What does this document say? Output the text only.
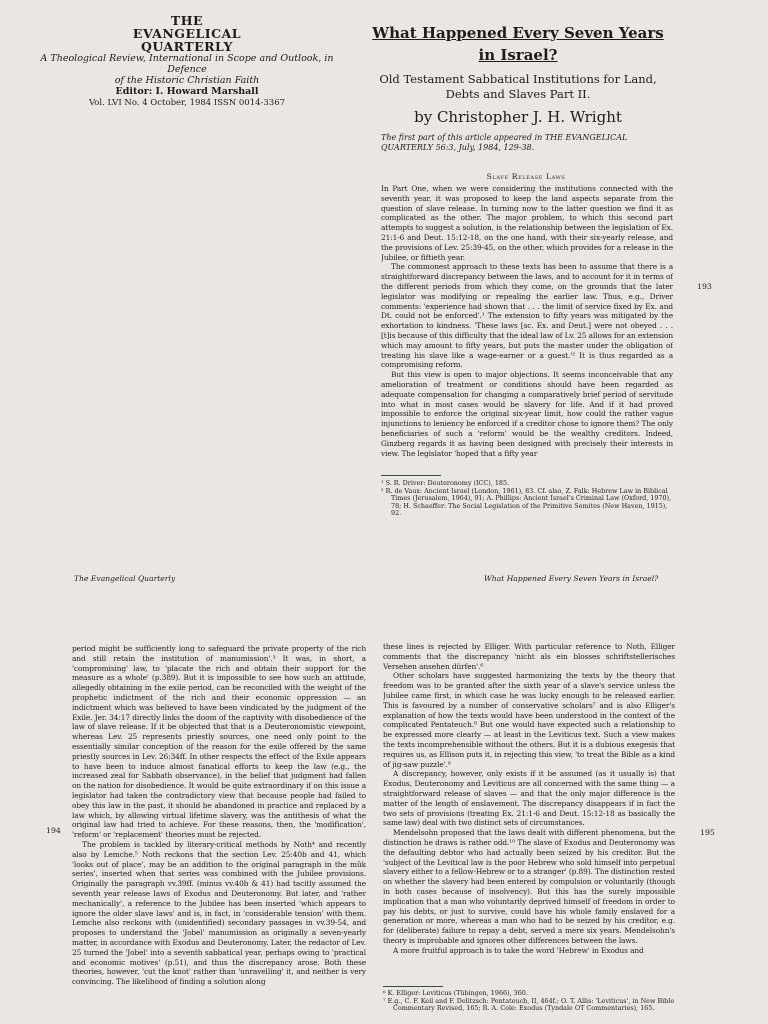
THE
EVANGELICAL
QUARTERLY
A Theological Review, International in Scope and Outlook, in Defence
of the Historic Christian Faith
Editor: I. Howard Marshall
Vol. LVI No. 4 October, 1984 ISSN 0014-3367
What Happened Every Seven Years
in Israel?
Old Testament Sabbatical Institutions for Land,
Debts and Slaves Part II.
by Christopher J. H. Wright
The first part of this article appeared in THE EVANGELICAL QUARTERLY 56:3, July, 1984, 129-38.
Slave Release Laws

In Part One, when we were considering the institutions connected with the seventh year, it was proposed to keep the land aspects separate from the question of slave release. In turning now to the latter question we find it as complicated as the other. The major problem, to which this second part attempts to suggest a solution, is the relationship between the legislation of Ex. 21:1-6 and Deut. 15:12-18, on the one hand, with their six-yearly release, and the provisions of Lev. 25:39-45, on the other, which provides for a release in the Jubilee, or fiftieth year.

The commonest approach to these texts has been to assume that there is a straightforward discrepancy between the laws, and to account for it in terms of the different periods from which they come, on the grounds that the later legislator was modifying or repealing the earlier law. Thus, e.g., Driver comments: 'experience had shown that . . . the limit of service fixed by Ex. and Dt. could not be enforced'.¹ The extension to fifty years was mitigated by the exhortation to kindness. 'These laws [sc. Ex. and Deut.] were not obeyed . . . [t]is because of this difficulty that the ideal law of Lv. 25 allows for an extension which may amount to fifty years, but puts the master under the obligation of treating his slave like a wage-earner or a guest.'² It is thus regarded as a compromising reform.

But this view is open to major objections. It seems inconceivable that any amelioration of treatment or conditions should have been regarded as adequate compensation for changing a comparatively brief period of servitude into what in most cases would be slavery for life. And if it had proved impossible to enforce the original six-year limit, how could the rather vague injunctions to leniency be enforced if a creditor chose to ignore them? The only beneficiaries of such a 'reform' would be the wealthy creditors. Indeed, Ginzberg regards it as having been designed with precisely their interests in view. The legislator 'hoped that a fifty year

¹ S. R. Driver: Deuteronomy (ICC), 185.

² R. de Vaux: Ancient Israel (London, 1961), 83. Cf. also, Z. Falk: Hebrew Law in Biblical Times (Jerusalem, 1964), 91; A. Phillips: Ancient Israel's Criminal Law (Oxford, 1970), 78; H. Schaeffer: The Social Legislation of the Primitive Semites (New Haven, 1915), 92.

193
The Evangelical Quarterly	What Happened Every Seven Years in Israel?

period might be sufficiently long to safeguard the private property of the rich and still retain the institution of manumission'.³ It was, in short, a 'compromising' law, to 'placate the rich and obtain their support for the measure as a whole' (p.389). But it is impossible to see how such an attitude, allegedly obtaining in the exile period, can be reconciled with the weight of the prophetic indictment of the rich and their economic oppression — an indictment which was believed to have been vindicated by the judgment of the Exile. Jer. 34:17 directly links the doom of the captivity with disobedience of the law of slave release. If it be objected that that is a Deuteronomistic viewpoint, whereas Lev. 25 represents priestly sources, one need only point to the essentially similar conception of the reason for the exile offered by the same priestly sources in Lev. 26:34ff. In other respects the effect of the Exile appears to have been to induce almost fanatical efforts to keep the law (e.g., the increased zeal for Sabbath observance), in the belief that judgment had fallen on the nation for disobedience. It would be quite extraordinary if on this issue a legislator had taken the contradictory view that because people had failed to obey this law in the past, it should be abandoned in practice and replaced by a law which, by allowing virtual lifetime slavery, was the antithesis of what the original law had tried to achieve. For these reasons, then, the 'modification', 'reform' or 'replacement' theories must be rejected.

The problem is tackled by literary-critical methods by Noth⁴ and recently also by Lemche.⁵ Noth reckons that the section Lev. 25:40b and 41, which 'looks out of place', may be an addition to the original paragraph in the mûk series', inserted when that series was combined with the Jubilee provisions. Originally the paragraph vv.39ff. (minus vv.40b & 41) had tacitly assumed the seventh year release laws of Exodus and Deuteronomy. But later, and 'rather mechanically', a reference to the Jubilee has been inserted 'which appears to ignore the older slave laws' and is, in fact, in 'considerable tension' with them. Lemche also reckons with (unidentified) secondary passages in vv.39-54, and proposes to understand the 'Jobel' manumission as originally a seven-yearly matter, in accordance with Exodus and Deuteronomy. Later, the redactor of Lev. 25 turned the 'Jobel' into a seventh sabbatical year, perhaps owing to 'practical and economic motives' (p.51), and thus the discrepancy arose. Both these theories, however, 'cut the knot' rather than 'unravelling' it, and neither is very convincing. The likelihood of finding a solution along

these lines is rejected by Elliger. With particular reference to Noth, Elliger comments that the discrepancy 'nicht als ein blosses schriftstellerisches Versehen ansehen dürfen'.⁶

Other scholars have suggested harmonizing the texts by the theory that freedom was to be granted after the sixth year of a slave's service unless the Jubilee came first, in which case he was lucky enough to be released earlier. This is favoured by a number of conservative scholars⁷ and is also Elliger's explanation of how the texts would have been understood in the context of the complicated Pentateuch.⁸ But one would have expected such a relationship to be expressed more clearly — at least in the Leviticus text. Such a view makes the texts incomprehensible without the others. But it is a dubious exegesis that requires us, as Ellison puts it, in rejecting this view, 'to treat the Bible as a kind of jig-saw puzzle'.⁹

A discrepancy, however, only exists if it be assumed (as it usually is) that Exodus, Deuteronomy and Leviticus are all concerned with the same thing — a straightforward release of slaves — and that the only major difference is the matter of the length of enslavement. The discrepancy disappears if in fact the two sets of provisions (treating Ex. 21:1-6 and Deut. 15:12-18 as basically the same law) deal with two distinct sets of circumstances.

Mendelsohn proposed that the laws dealt with different phenomena, but the distinction he draws is rather odd.¹⁰ The slave of Exodus and Deuteronomy was the defaulting debtor who had actually been seized by his creditor. But the 'subject of the Levitical law is the poor Hebrew who sold himself into perpetual slavery either to a fellow-Hebrew or to a stranger' (p.89). The distinction rested on whether the slavery had been entered by compulsion or voluntarily (though in both cases because of insolvency). But this has the surely impossible implication that a man who voluntarily deprived himself of freedom in order to pay his debts, or just to survive, could have his whole family enslaved for a generation or more, whereas a man who had to be seized by his creditor, e.g. for (deliberate) failure to repay a debt, served a mere six years. Mendelsohn's theory is improbable and ignores other differences between the laws.

A more fruitful approach is to take the word 'Hebrew' in Exodus and

⁶ K. Elliger: Leviticus (Tübingen, 1966), 360.

⁷ E.g., C. F. Keil and F. Delitzsch: Pentateuch, II, 464f.; O. T. Allis: 'Leviticus', in New Bible Commentary Revised, 165; R. A. Cole: Exodus (Tyndale OT Commentaries), 165.

194	195
